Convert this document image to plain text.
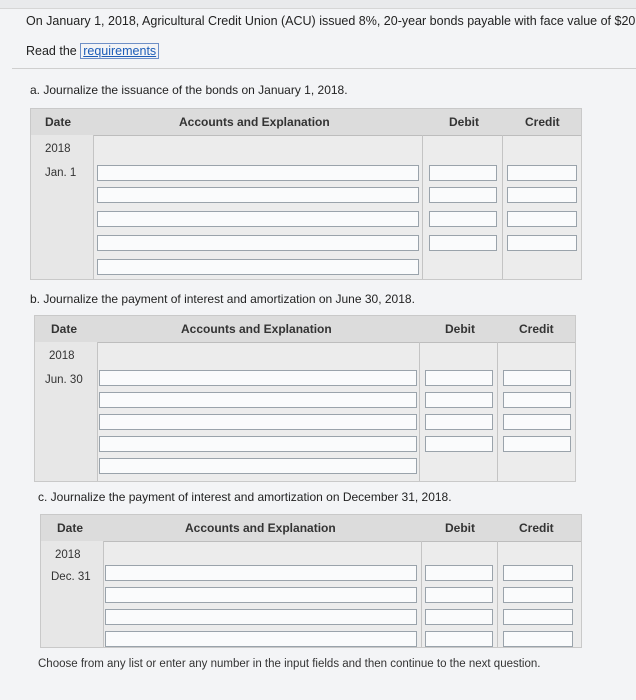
On January 1, 2018, Agricultural Credit Union (ACU) issued 8%, 20-year bonds payable with face value of $20
Read the requirements
a. Journalize the issuance of the bonds on January 1, 2018.
Date	Accounts and Explanation	Debit	Credit
2018
Jan. 1
b. Journalize the payment of interest and amortization on June 30, 2018.
Date	Accounts and Explanation	Debit	Credit
2018
Jun. 30
c. Journalize the payment of interest and amortization on December 31, 2018.
Date	Accounts and Explanation	Debit	Credit
2018
Dec. 31
Choose from any list or enter any number in the input fields and then continue to the next question.
